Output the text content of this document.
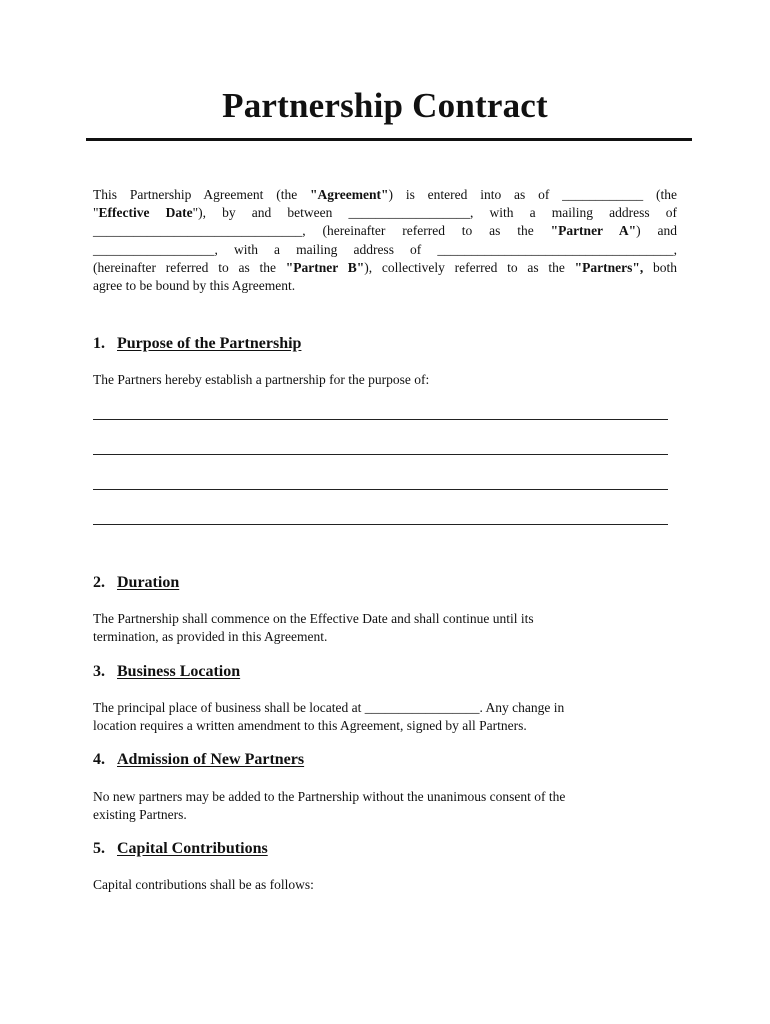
Partnership Contract
This Partnership Agreement (the "Agreement") is entered into as of ____________ (the
"Effective Date"), by and between __________________, with a mailing address of
_______________________________, (hereinafter referred to as the "Partner A") and
__________________, with a mailing address of ___________________________________,
(hereinafter referred to as the "Partner B"), collectively referred to as the "Partners", both
agree to be bound by this Agreement.
1. Purpose of the Partnership
The Partners hereby establish a partnership for the purpose of:
2. Duration
The Partnership shall commence on the Effective Date and shall continue until its
termination, as provided in this Agreement.
3. Business Location
The principal place of business shall be located at _________________. Any change in
location requires a written amendment to this Agreement, signed by all Partners.
4. Admission of New Partners
No new partners may be added to the Partnership without the unanimous consent of the
existing Partners.
5. Capital Contributions
Capital contributions shall be as follows:
